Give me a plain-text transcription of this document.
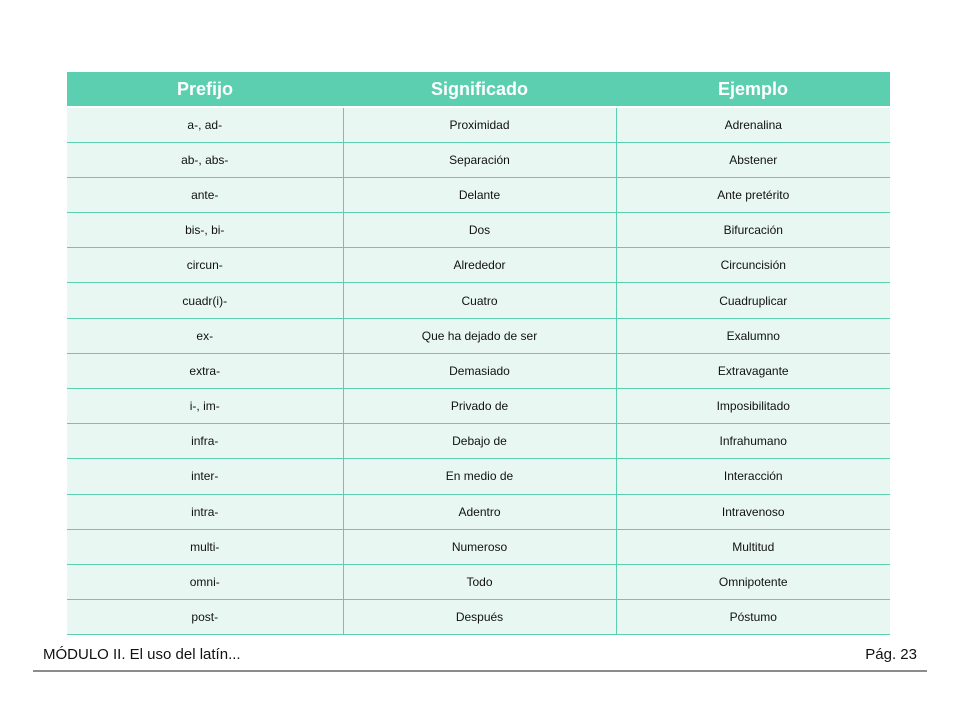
Prefijo	Significado	Ejemplo
a-, ad-	Proximidad	Adrenalina
ab-, abs-	Separación	Abstener
ante-	Delante	Ante pretérito
bis-, bi-	Dos	Bifurcación
circun-	Alrededor	Circuncisión
cuadr(i)-	Cuatro	Cuadruplicar
ex-	Que ha dejado de ser	Exalumno
extra-	Demasiado	Extravagante
i-, im-	Privado de	Imposibilitado
infra-	Debajo de	Infrahumano
inter-	En medio de	Interacción
intra-	Adentro	Intravenoso
multi-	Numeroso	Multitud
omni-	Todo	Omnipotente
post-	Después	Póstumo
MÓDULO II. El uso del latín...	Pág. 23
